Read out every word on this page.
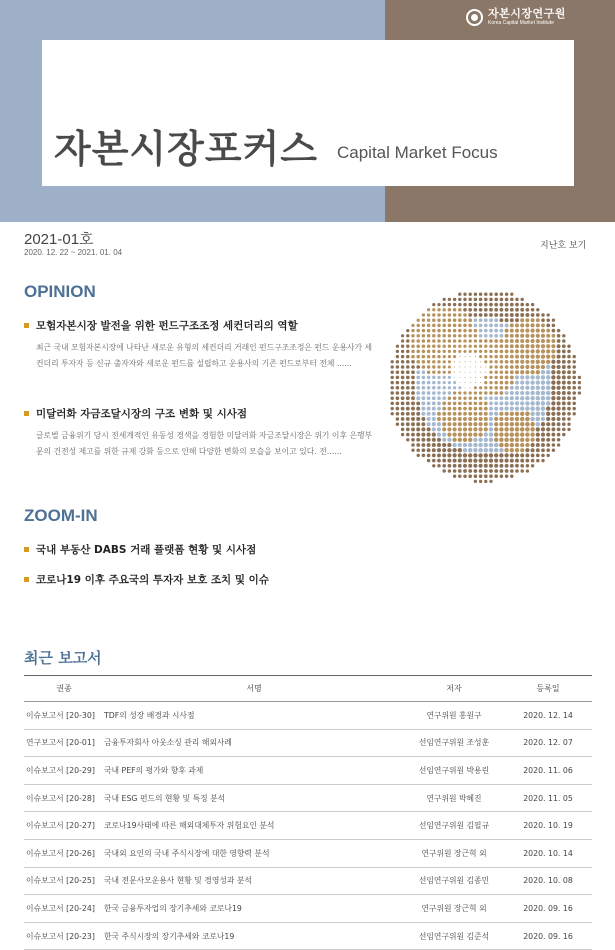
자본시장연구원
Korea Capital Market Institute
자본시장포커스 Capital Market Focus
2021-01호
2020. 12. 22 ~ 2021. 01. 04
지난호 보기
OPINION
모험자본시장 발전을 위한 펀드구조조정 세컨더리의 역할
최근 국내 모험자본시장에 나타난 새로운 유형의 세컨더리 거래인 펀드구조조정은 펀드 운용사가 세컨더리 투자자 등 신규 출자자와 새로운 펀드를 설립하고 운용사의 기존 펀드로부터 전체 ......
미달러화 자금조달시장의 구조 변화 및 시사점
글로벌 금융위기 당시 전세계적인 유동성 경색을 경험한 미달러화 자금조달시장은 위기 이후 은행부문의 건전성 제고를 위한 규제 강화 등으로 인해 다양한 변화의 모습을 보이고 있다. 전......
ZOOM-IN
국내 부동산 DABS 거래 플랫폼 현황 및 시사점
코로나19 이후 주요국의 투자자 보호 조치 및 이슈
최근 보고서
권종	서명	저자	등록일
이슈보고서 [20-30]	TDF의 성장 배경과 시사점	연구위원 홍원구	2020. 12. 14
연구보고서 [20-01]	금융투자회사 아웃소싱 관리 해외사례	선임연구위원 조성훈	2020. 12. 07
이슈보고서 [20-29]	국내 PEF의 평가와 향후 과제	선임연구위원 박용린	2020. 11. 06
이슈보고서 [20-28]	국내 ESG 펀드의 현황 및 특징 분석	연구위원 박혜진	2020. 11. 05
이슈보고서 [20-27]	코로나19사태에 따른 해외대체투자 위험요인 분석	선임연구위원 김필규	2020. 10. 19
이슈보고서 [20-26]	국내외 요인의 국내 주식시장에 대한 영향력 분석	연구위원 장근혁 외	2020. 10. 14
이슈보고서 [20-25]	국내 전문사모운용사 현황 및 경영성과 분석	선임연구위원 김종민	2020. 10. 08
이슈보고서 [20-24]	한국 금융투자업의 장기추세와 코로나19	연구위원 장근혁 외	2020. 09. 16
이슈보고서 [20-23]	한국 주식시장의 장기추세와 코로나19	선임연구위원 김준석	2020. 09. 16
